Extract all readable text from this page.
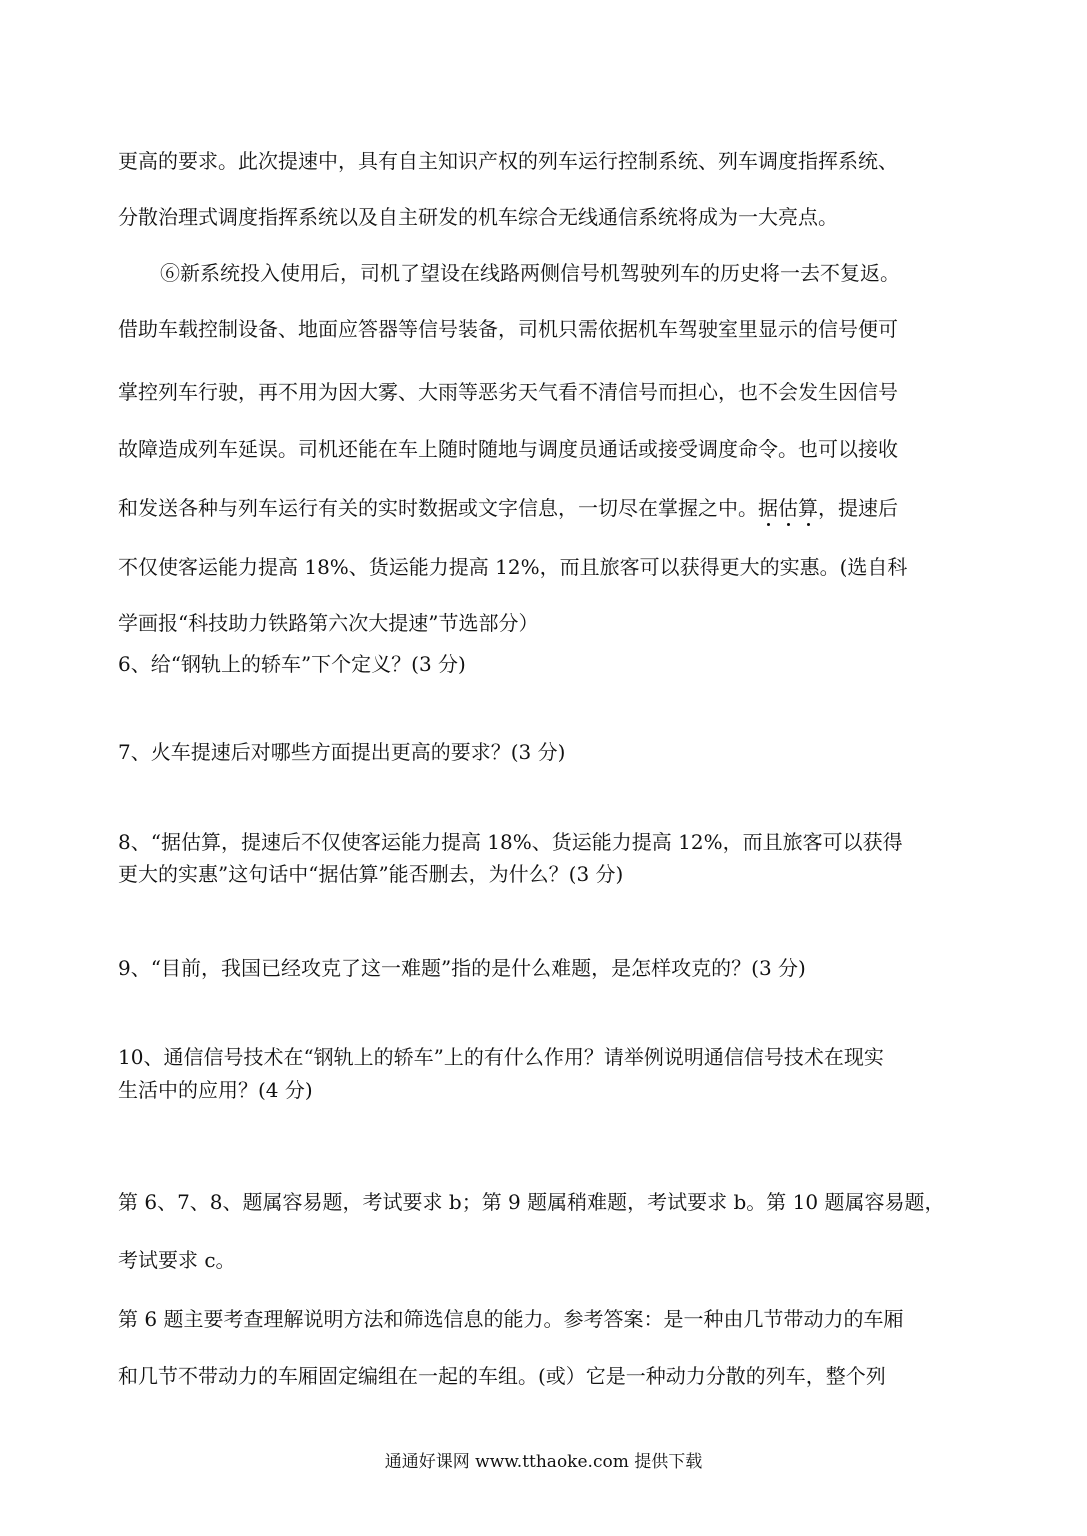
更高的要求。此次提速中，具有自主知识产权的列车运行控制系统、列车调度指挥系统、
分散治理式调度指挥系统以及自主研发的机车综合无线通信系统将成为一大亮点。
⑥新系统投入使用后，司机了望设在线路两侧信号机驾驶列车的历史将一去不复返。
借助车载控制设备、地面应答器等信号装备，司机只需依据机车驾驶室里显示的信号便可
掌控列车行驶，再不用为因大雾、大雨等恶劣天气看不清信号而担心，也不会发生因信号
故障造成列车延误。司机还能在车上随时随地与调度员通话或接受调度命令。也可以接收
和发送各种与列车运行有关的实时数据或文字信息，一切尽在掌握之中。据估算，提速后
不仅使客运能力提高 18%、货运能力提高 12%，而且旅客可以获得更大的实惠。(选自科
学画报“科技助力铁路第六次大提速”节选部分）
6、给“钢轨上的轿车”下个定义？(3 分)
7、火车提速后对哪些方面提出更高的要求？(3 分)
8、“据估算，提速后不仅使客运能力提高 18%、货运能力提高 12%，而且旅客可以获得
更大的实惠”这句话中“据估算”能否删去，为什么？(3 分)
9、“目前，我国已经攻克了这一难题”指的是什么难题，是怎样攻克的？(3 分)
10、通信信号技术在“钢轨上的轿车”上的有什么作用？请举例说明通信信号技术在现实
生活中的应用？(4 分)
第 6、7、8、题属容易题，考试要求 b；第 9 题属稍难题，考试要求 b。第 10 题属容易题，
考试要求 c。
第 6 题主要考查理解说明方法和筛选信息的能力。参考答案：是一种由几节带动力的车厢
和几节不带动力的车厢固定编组在一起的车组。(或）它是一种动力分散的列车，整个列
通通好课网 www.tthaoke.com 提供下载
